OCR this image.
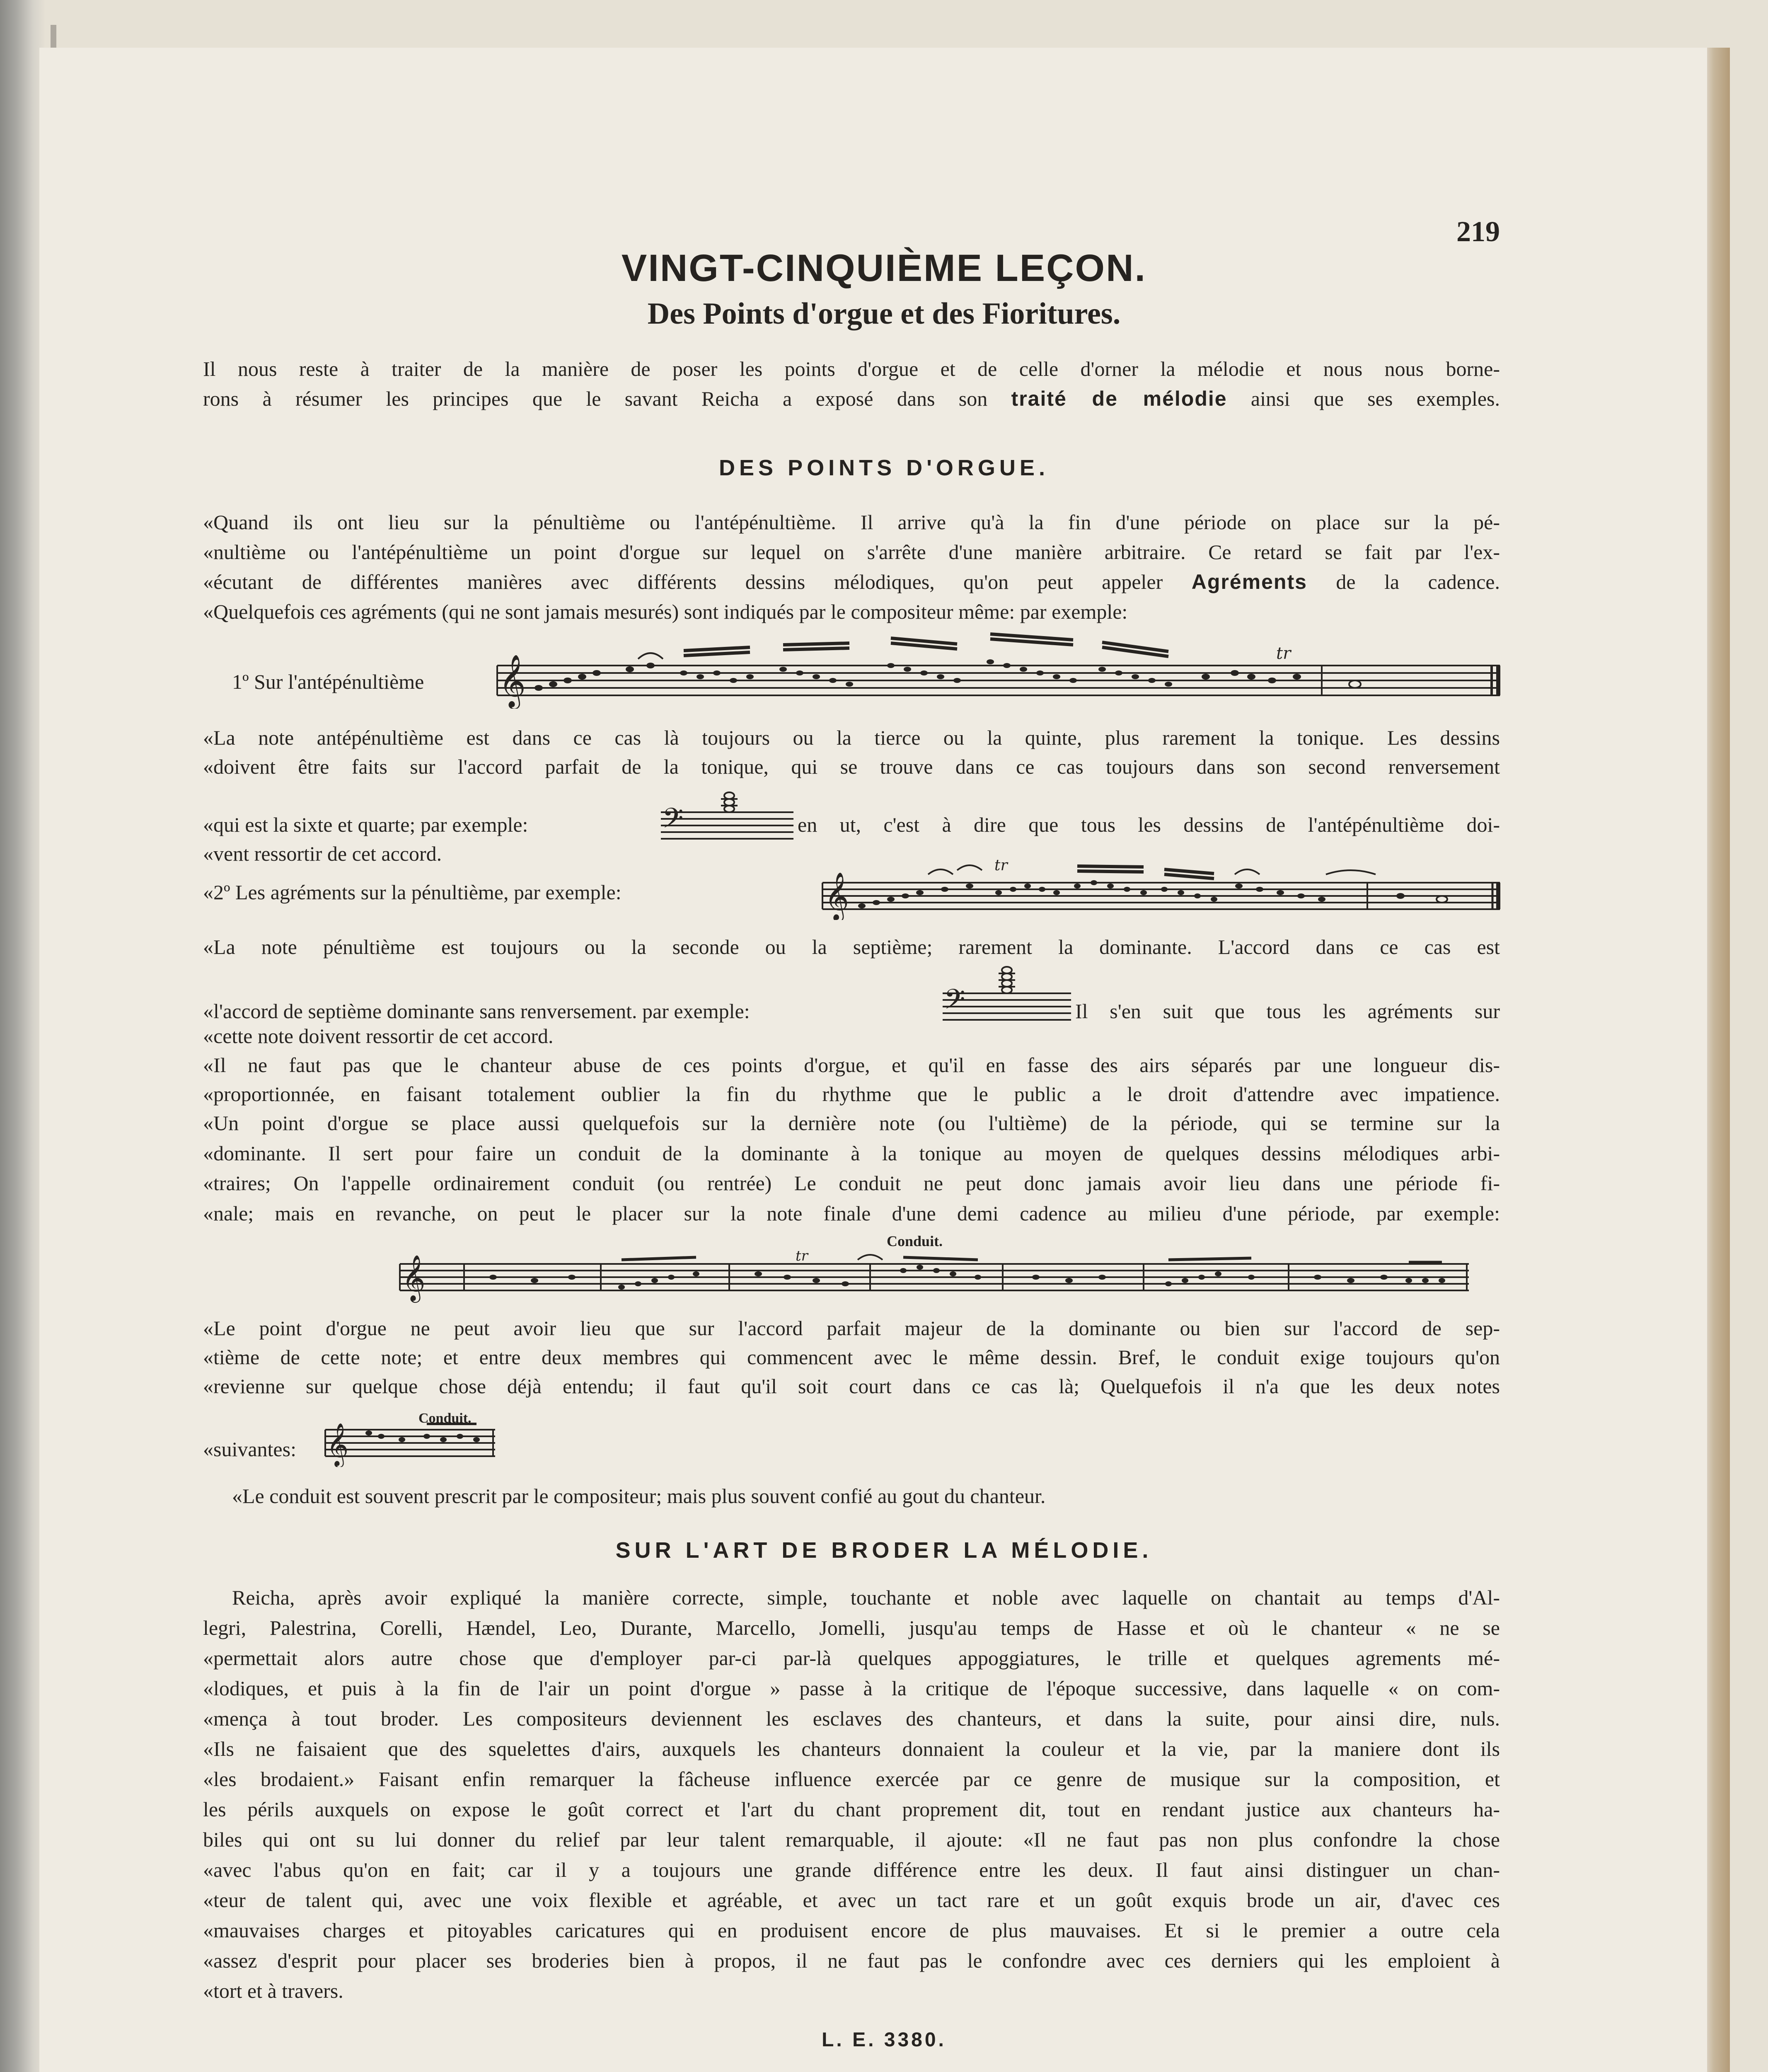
219
VINGT-CINQUIÈME LEÇON.
Des Points d'orgue et des Fioritures.
Il nous reste à traiter de la manière de poser les points d'orgue et de celle d'orner la mélodie et nous nous borne-
rons à résumer les principes que le savant Reicha a exposé dans son traité de mélodie ainsi que ses exemples.
DES POINTS D'ORGUE.
«Quand ils ont lieu sur la pénultième ou l'antépénultième. Il arrive qu'à la fin d'une période on place sur la pé-
«nultième ou l'antépénultième un point d'orgue sur lequel on s'arrête d'une manière arbitraire. Ce retard se fait par l'ex-
«écutant de différentes manières avec différents dessins mélodiques, qu'on peut appeler Agréments de la cadence.
«Quelquefois ces agréments (qui ne sont jamais mesurés) sont indiqués par le compositeur même: par exemple:
1º Sur l'antépénultième 𝄞
tr
«La note antépénultième est dans ce cas là toujours ou la tierce ou la quinte, plus rarement la tonique. Les dessins
«doivent être faits sur l'accord parfait de la tonique, qui se trouve dans ce cas toujours dans son second renversement
«qui est la sixte et quarte; par exemple:	𝄢	en ut, c'est à dire que tous les dessins de l'antépénultième doi-
«vent ressortir de cet accord.
«2º Les agréments sur la pénultième, par exemple:	𝄞
tr
«La note pénultième est toujours ou la seconde ou la septième; rarement la dominante. L'accord dans ce cas est
«l'accord de septième dominante sans renversement. par exemple:	𝄢	Il s'en suit que tous les agréments sur
«cette note doivent ressortir de cet accord.
«Il ne faut pas que le chanteur abuse de ces points d'orgue, et qu'il en fasse des airs séparés par une longueur dis-
«proportionnée, en faisant totalement oublier la fin du rhythme que le public a le droit d'attendre avec impatience.
«Un point d'orgue se place aussi quelquefois sur la dernière note (ou l'ultième) de la période, qui se termine sur la
«dominante. Il sert pour faire un conduit de la dominante à la tonique au moyen de quelques dessins mélodiques arbi-
«traires; On l'appelle ordinairement conduit (ou rentrée) Le conduit ne peut donc jamais avoir lieu dans une période fi-
«nale; mais en revanche, on peut le placer sur la note finale d'une demi cadence au milieu d'une période, par exemple:
Conduit.
𝄞	tr
«Le point d'orgue ne peut avoir lieu que sur l'accord parfait majeur de la dominante ou bien sur l'accord de sep-
«tième de cette note; et entre deux membres qui commencent avec le même dessin. Bref, le conduit exige toujours qu'on
«revienne sur quelque chose déjà entendu; il faut qu'il soit court dans ce cas là; Quelquefois il n'a que les deux notes
«suivantes:
Conduit.
𝄞
«Le conduit est souvent prescrit par le compositeur; mais plus souvent confié au gout du chanteur.
SUR L'ART DE BRODER LA MÉLODIE.
Reicha, après avoir expliqué la manière correcte, simple, touchante et noble avec laquelle on chantait au temps d'Al-
legri, Palestrina, Corelli, Hændel, Leo, Durante, Marcello, Jomelli, jusqu'au temps de Hasse et où le chanteur « ne se
«permettait alors autre chose que d'employer par-ci par-là quelques appoggiatures, le trille et quelques agrements mé-
«lodiques, et puis à la fin de l'air un point d'orgue » passe à la critique de l'époque successive, dans laquelle « on com-
«mença à tout broder. Les compositeurs deviennent les esclaves des chanteurs, et dans la suite, pour ainsi dire, nuls.
«Ils ne faisaient que des squelettes d'airs, auxquels les chanteurs donnaient la couleur et la vie, par la maniere dont ils
«les brodaient.» Faisant enfin remarquer la fâcheuse influence exercée par ce genre de musique sur la composition, et
les périls auxquels on expose le goût correct et l'art du chant proprement dit, tout en rendant justice aux chanteurs ha-
biles qui ont su lui donner du relief par leur talent remarquable, il ajoute: «Il ne faut pas non plus confondre la chose
«avec l'abus qu'on en fait; car il y a toujours une grande différence entre les deux. Il faut ainsi distinguer un chan-
«teur de talent qui, avec une voix flexible et agréable, et avec un tact rare et un goût exquis brode un air, d'avec ces
«mauvaises charges et pitoyables caricatures qui en produisent encore de plus mauvaises. Et si le premier a outre cela
«assez d'esprit pour placer ses broderies bien à propos, il ne faut pas le confondre avec ces derniers qui les emploient à
«tort et à travers.
L. E. 3380.
